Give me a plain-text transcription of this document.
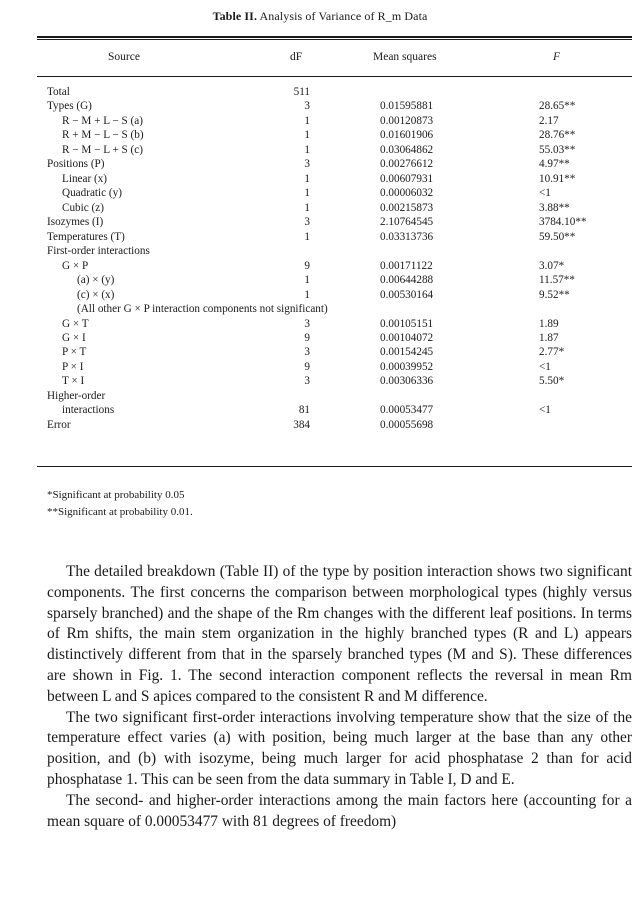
Table II. Analysis of Variance of R_m Data
Source	dF	Mean squares	F
Total	511
Types (G)	3	0.01595881	28.65**
R − M + L − S (a)	1	0.00120873	2.17
R + M − L − S (b)	1	0.01601906	28.76**
R − M − L + S (c)	1	0.03064862	55.03**
Positions (P)	3	0.00276612	4.97**
Linear (x)	1	0.00607931	10.91**
Quadratic (y)	1	0.00006032	<1
Cubic (z)	1	0.00215873	3.88**
Isozymes (I)	3	2.10764545	3784.10**
Temperatures (T)	1	0.03313736	59.50**
First-order interactions
G × P	9	0.00171122	3.07*
(a) × (y)	1	0.00644288	11.57**
(c) × (x)	1	0.00530164	9.52**
(All other G × P interaction components not significant)
G × T	3	0.00105151	1.89
G × I	9	0.00104072	1.87
P × T	3	0.00154245	2.77*
P × I	9	0.00039952	<1
T × I	3	0.00306336	5.50*
Higher-order
interactions	81	0.00053477	<1
Error	384	0.00055698
*Significant at probability 0.05
**Significant at probability 0.01.

The detailed breakdown (Table II) of the type by position interaction shows two significant components. The first concerns the comparison between morphological types (highly versus sparsely branched) and the shape of the Rm changes with the different leaf positions. In terms of Rm shifts, the main stem organization in the highly branched types (R and L) appears distinctively different from that in the sparsely branched types (M and S). These differences are shown in Fig. 1. The second interaction component reflects the reversal in mean Rm between L and S apices compared to the consistent R and M difference.

The two significant first-order interactions involving temperature show that the size of the temperature effect varies (a) with position, being much larger at the base than any other position, and (b) with isozyme, being much larger for acid phosphatase 2 than for acid phosphatase 1. This can be seen from the data summary in Table I, D and E.

The second- and higher-order interactions among the main factors here (accounting for a mean square of 0.00053477 with 81 degrees of freedom)
